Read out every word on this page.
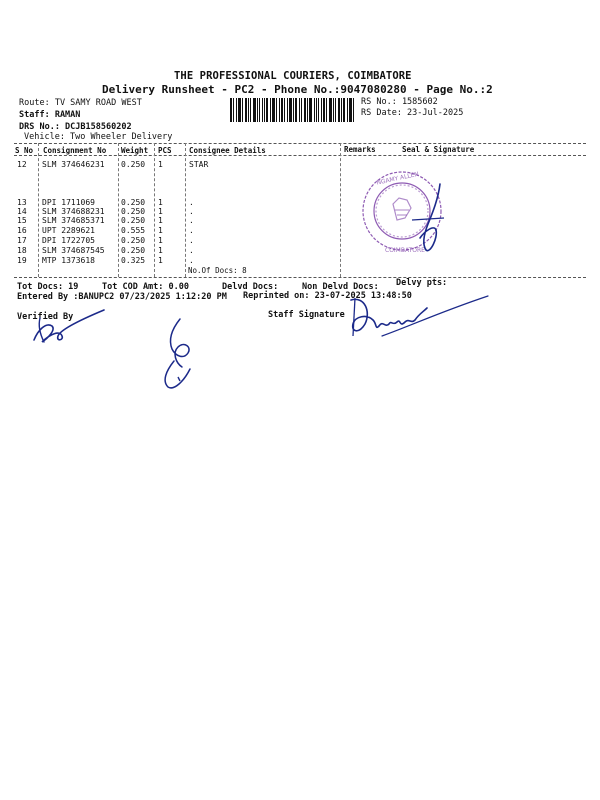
THE PROFESSIONAL COURIERS, COIMBATORE
Delivery Runsheet - PC2 - Phone No.:9047080280 - Page No.:2
Route: TV SAMY ROAD WEST
Staff: RAMAN
DRS No.: DCJB158560202
Vehicle: Two Wheeler Delivery
RS No.: 1585602
RS Date: 23-Jul-2025
S No Consignment No Weight PCS Consignee Details	Remarks	Seal & Signature
12 SLM 374646231 0.250 1	STAR
13 DPI 1711069	0.250 1	.
14 SLM 374688231 0.250 1	.
15 SLM 374685371 0.250 1	.
16 UPT 2289621	0.555 1	.
17 DPI 1722705	0.250 1	.
18 SLM 374687545 0.250 1	.
19 MTP 1373618	0.325 1	.
No.Of Docs: 8
Tot Docs: 19	Tot COD Amt: 0.00	Delvd Docs:	Non Delvd Docs: Delvy pts:
Entered By :BANUPC2 07/23/2025 1:12:20 PM Reprinted on: 23-07-2025 13:48:50
Verified By	Staff Signature
NGAMY ALLEN
COIMBATORE
